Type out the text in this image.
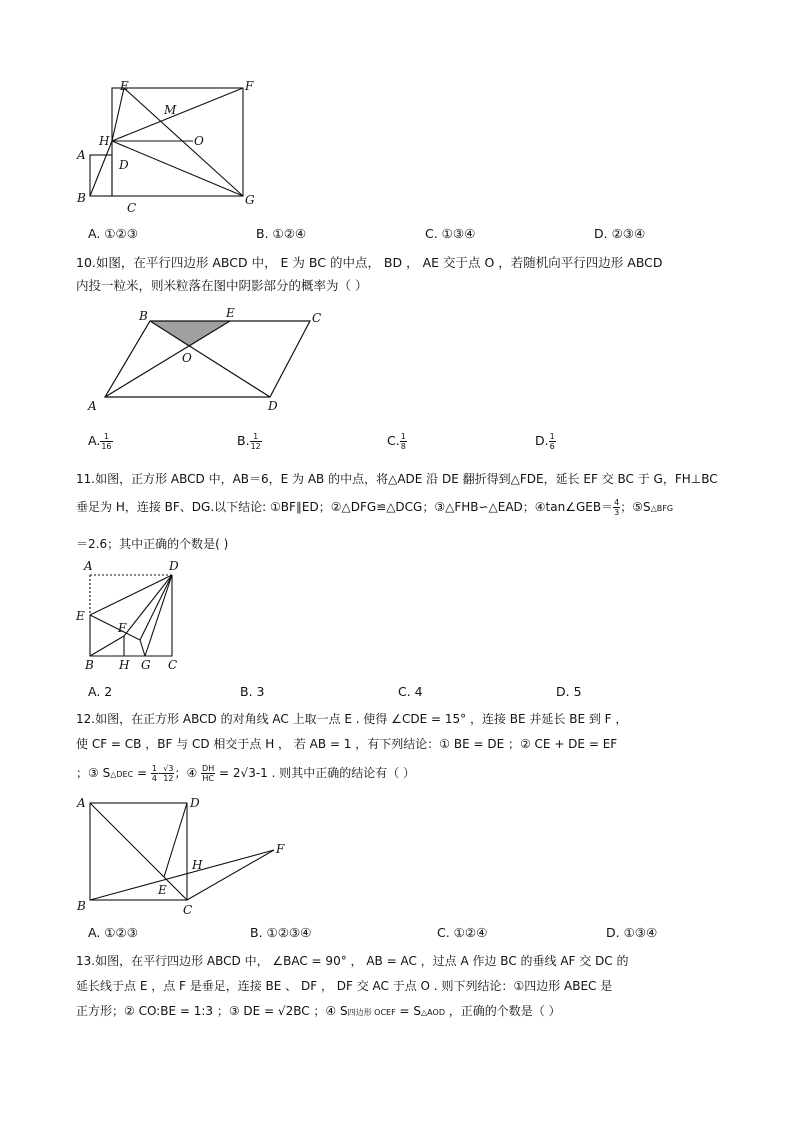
E	F
M
H	O
A
D
B
C
G
A. ①②③	B. ①②④	C. ①③④	D. ②③④
10.如图，在平行四边形 ABCD 中， E 为 BC 的中点， BD ， AE 交于点 O ，若随机向平行四边形 ABCD
内投一粒米，则米粒落在图中阴影部分的概率为（ ）
B	E	C
O
A	D
A. $\frac{1}{16}$	B. $\frac{1}{12}$	C. $\frac{1}{8}$	D. $\frac{1}{6}$
11.如图，正方形 ABCD 中，AB＝6，E 为 AB 的中点，将△ADE 沿 DE 翻折得到△FDE，延长 EF 交 BC 于 G，FH⊥BC
垂足为 H，连接 BF、DG.以下结论: ①BF∥ED；②△DFG≌△DCG；③△FHB∽△EAD；④tan∠GEB＝ $\frac{4}{3}$ ；⑤S△BFG
＝2.6；其中正确的个数是( )
A	D
E
F
B H G C
A. 2	B. 3	C. 4	D. 5
12.如图，在正方形 ABCD 的对角线 AC 上取一点 E . 使得 ∠CDE = 15° ，连接 BE 并延长 BE 到 F ，
使 CF = CB ，BF 与 CD 相交于点 H ， 若 AB = 1 ，有下列结论：① BE = DE ；② CE + DE = EF
；③ S△DEC = $\frac{1}{4} - \frac{√3}{12}$ ；④ $\frac{DH}{HC} = 2√3-1$ . 则其中正确的结论有（ ）
A	D
H
F
E
B	C
A. ①②③	B. ①②③④	C. ①②④	D. ①③④
13.如图，在平行四边形 ABCD 中， ∠BAC = 90° ， AB = AC ，过点 A 作边 BC 的垂线 AF 交 DC 的
延长线于点 E ，点 F 是垂足，连接 BE 、 DF ， DF 交 AC 于点 O . 则下列结论：①四边形 ABEC 是
正方形；② CO:BE = 1:3 ；③ DE = √2BC ；④ S四边形 OCEF = S△AOD ，正确的个数是（ ）
